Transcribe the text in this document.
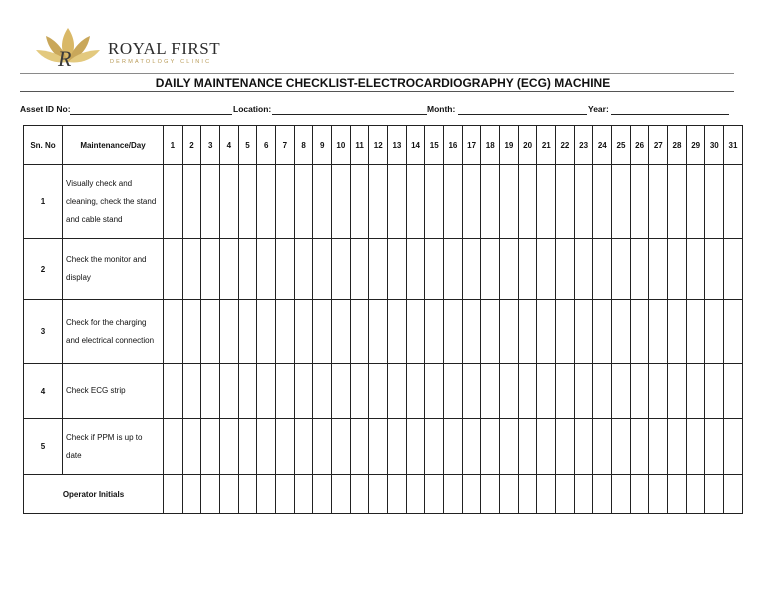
R ROYAL FIRST
DERMATOLOGY CLINIC
DAILY MAINTENANCE CHECKLIST-ELECTROCARDIOGRAPHY (ECG) MACHINE
Asset ID No:	Location:	Month:	Year:
Sn. No	Maintenance/Day	1	2	3	4	5	6	7	8	9	10	11	12	13	14	15	16	17	18	19	20	21	22	23	24	25	26	27	28	29	30	31
1	Visually check and cleaning, check the stand and cable stand																															
2	Check the monitor and display																															
3	Check for the charging and electrical connection																															
4	Check ECG strip																															
5	Check if PPM is up to date																															
Operator Initials																																
